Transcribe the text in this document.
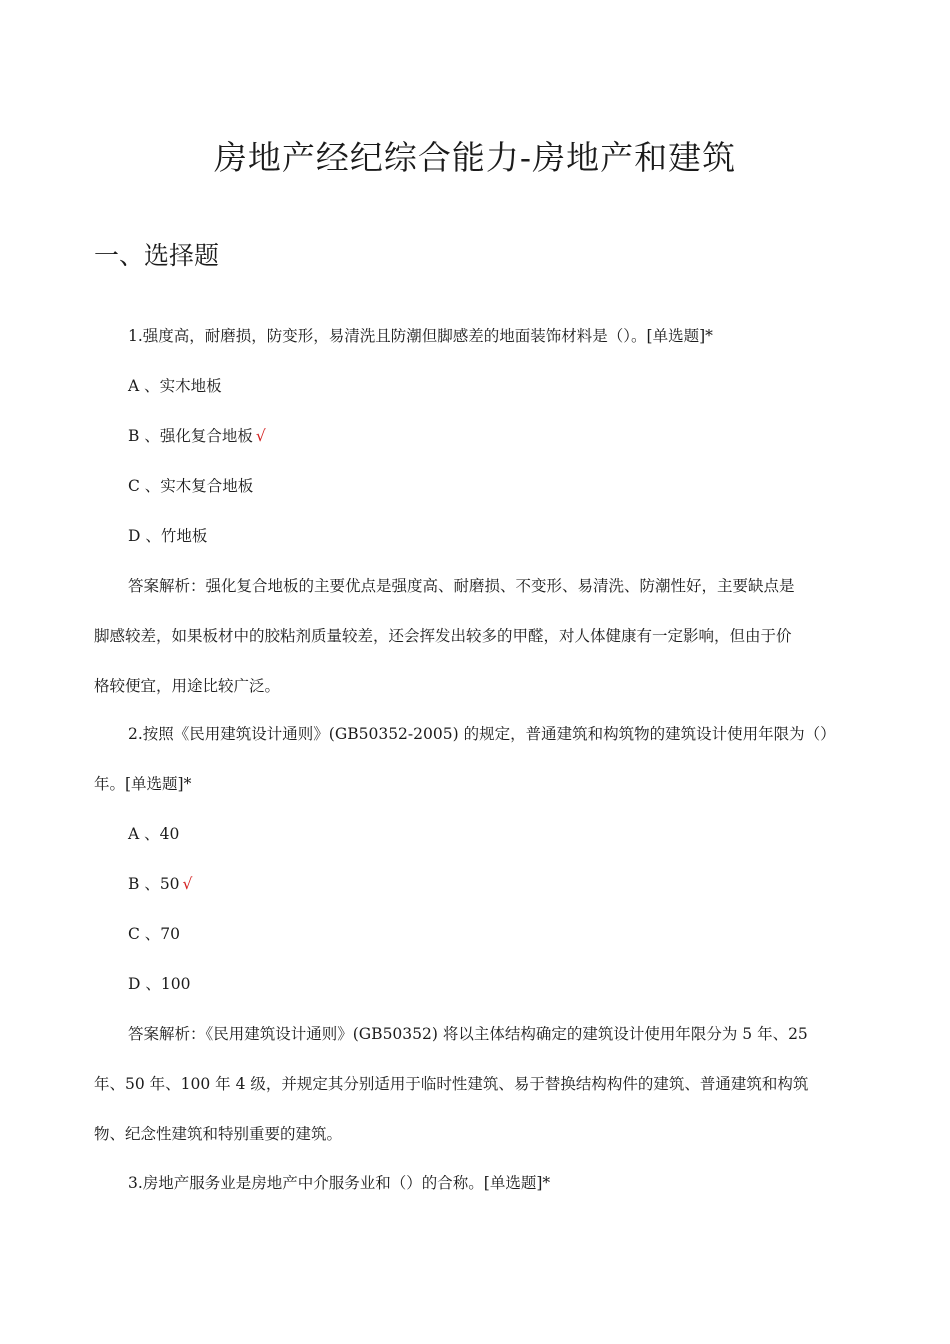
房地产经纪综合能力-房地产和建筑
一、选择题
1.强度高，耐磨损，防变形，易清洗且防潮但脚感差的地面装饰材料是（）。[单选题]*
A 、实木地板
B 、强化复合地板 √
C 、实木复合地板
D 、竹地板
答案解析：强化复合地板的主要优点是强度高、耐磨损、不变形、易清洗、防潮性好，主要缺点是
脚感较差，如果板材中的胶粘剂质量较差，还会挥发出较多的甲醛，对人体健康有一定影响，但由于价
格较便宜，用途比较广泛。
2.按照《民用建筑设计通则》(GB50352-2005) 的规定，普通建筑和构筑物的建筑设计使用年限为（）
年。[单选题]*
A 、40
B 、50 √
C 、70
D 、100
答案解析：《民用建筑设计通则》(GB50352) 将以主体结构确定的建筑设计使用年限分为 5 年、25
年、50 年、100 年 4 级，并规定其分别适用于临时性建筑、易于替换结构构件的建筑、普通建筑和构筑
物、纪念性建筑和特别重要的建筑。
3.房地产服务业是房地产中介服务业和（）的合称。[单选题]*
